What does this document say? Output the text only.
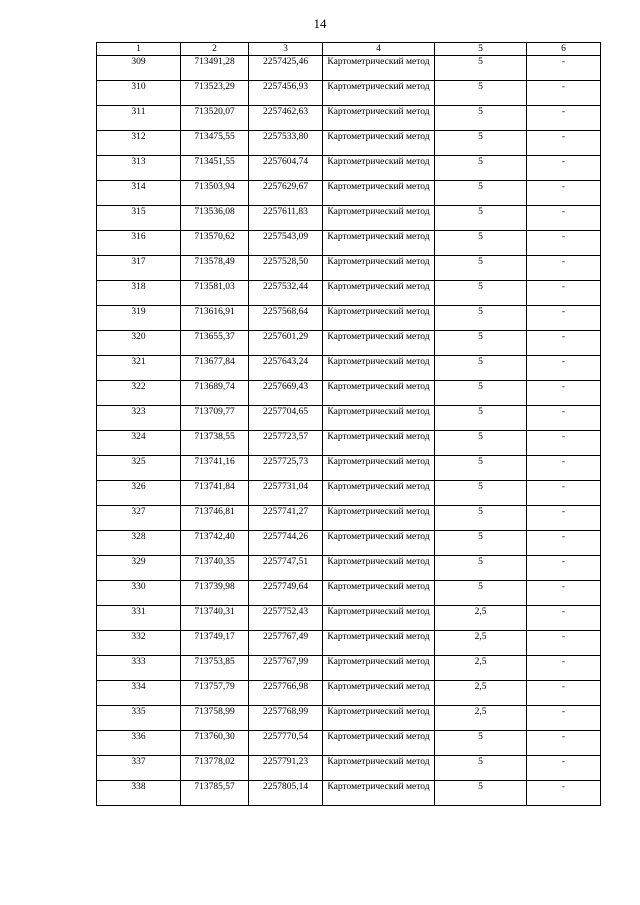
14
1	2	3	4	5	6
309	713491,28	2257425,46	Картометрический метод	5	-
310	713523,29	2257456,93	Картометрический метод	5	-
311	713520,07	2257462,63	Картометрический метод	5	-
312	713475,55	2257533,80	Картометрический метод	5	-
313	713451,55	2257604,74	Картометрический метод	5	-
314	713503,94	2257629,67	Картометрический метод	5	-
315	713536,08	2257611,83	Картометрический метод	5	-
316	713570,62	2257543,09	Картометрический метод	5	-
317	713578,49	2257528,50	Картометрический метод	5	-
318	713581,03	2257532,44	Картометрический метод	5	-
319	713616,91	2257568,64	Картометрический метод	5	-
320	713655,37	2257601,29	Картометрический метод	5	-
321	713677,84	2257643,24	Картометрический метод	5	-
322	713689,74	2257669,43	Картометрический метод	5	-
323	713709,77	2257704,65	Картометрический метод	5	-
324	713738,55	2257723,57	Картометрический метод	5	-
325	713741,16	2257725,73	Картометрический метод	5	-
326	713741,84	2257731,04	Картометрический метод	5	-
327	713746,81	2257741,27	Картометрический метод	5	-
328	713742,40	2257744,26	Картометрический метод	5	-
329	713740,35	2257747,51	Картометрический метод	5	-
330	713739,98	2257749,64	Картометрический метод	5	-
331	713740,31	2257752,43	Картометрический метод	2,5	-
332	713749,17	2257767,49	Картометрический метод	2,5	-
333	713753,85	2257767,99	Картометрический метод	2,5	-
334	713757,79	2257766,98	Картометрический метод	2,5	-
335	713758,99	2257768,99	Картометрический метод	2,5	-
336	713760,30	2257770,54	Картометрический метод	5	-
337	713778,02	2257791,23	Картометрический метод	5	-
338	713785,57	2257805,14	Картометрический метод	5	-
